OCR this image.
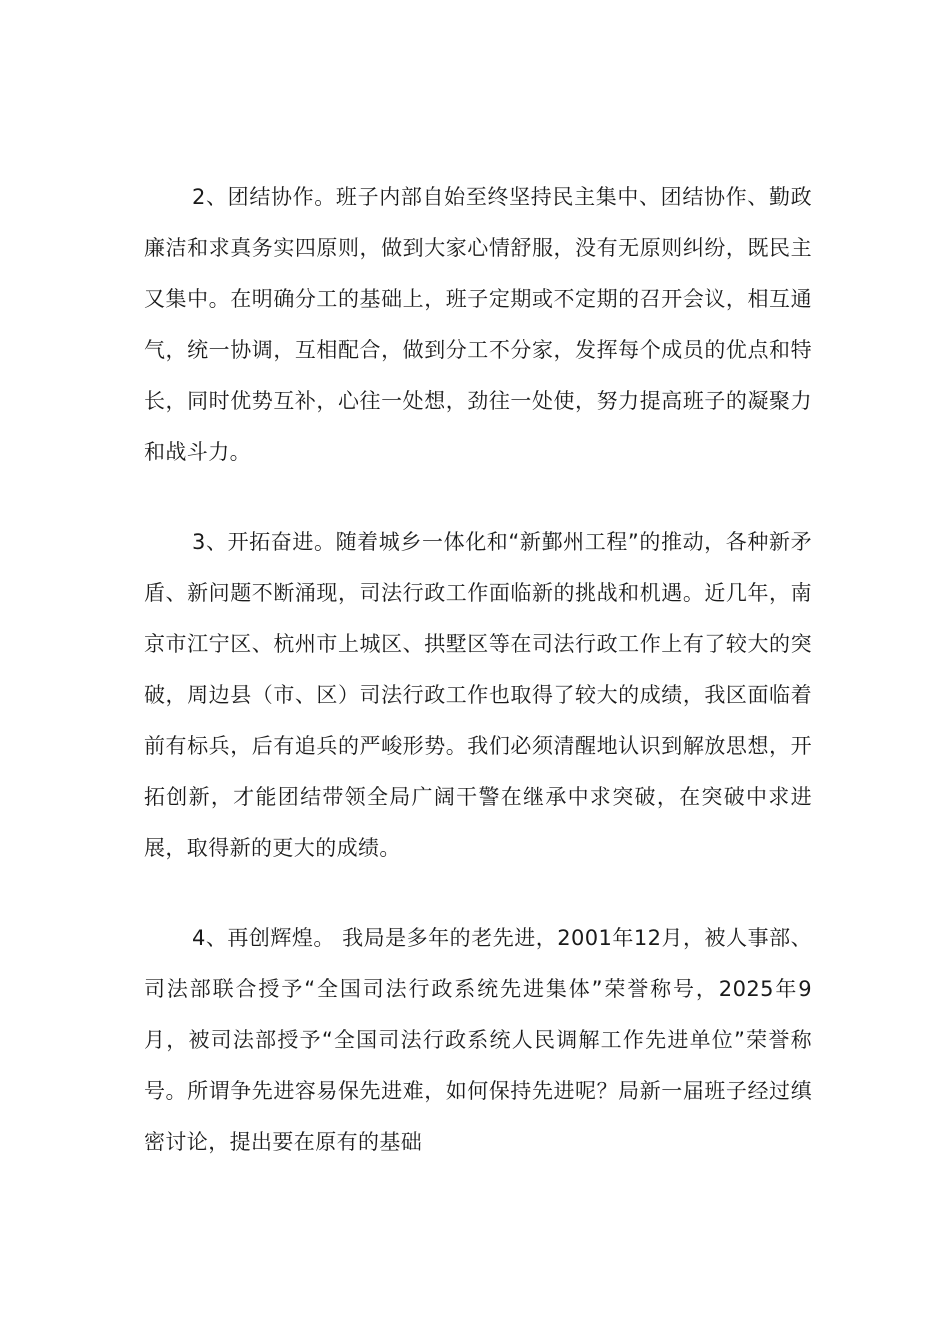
2、团结协作。班子内部自始至终坚持民主集中、团结协作、勤政廉洁和求真务实四原则，做到大家心情舒服，没有无原则纠纷，既民主又集中。在明确分工的基础上，班子定期或不定期的召开会议，相互通气，统一协调，互相配合，做到分工不分家，发挥每个成员的优点和特长，同时优势互补，心往一处想，劲往一处使，努力提高班子的凝聚力和战斗力。

3、开拓奋进。随着城乡一体化和“新鄞州工程”的推动，各种新矛盾、新问题不断涌现，司法行政工作面临新的挑战和机遇。近几年，南京市江宁区、杭州市上城区、拱墅区等在司法行政工作上有了较大的突破，周边县（市、区）司法行政工作也取得了较大的成绩，我区面临着前有标兵，后有追兵的严峻形势。我们必须清醒地认识到解放思想，开拓创新，才能团结带领全局广阔干警在继承中求突破，在突破中求进展，取得新的更大的成绩。

4、再创辉煌。 我局是多年的老先进，2001年12月，被人事部、司法部联合授予“全国司法行政系统先进集体”荣誉称号，2025年9月，被司法部授予“全国司法行政系统人民调解工作先进单位”荣誉称号。所谓争先进容易保先进难，如何保持先进呢？局新一届班子经过缜密讨论，提出要在原有的基础
